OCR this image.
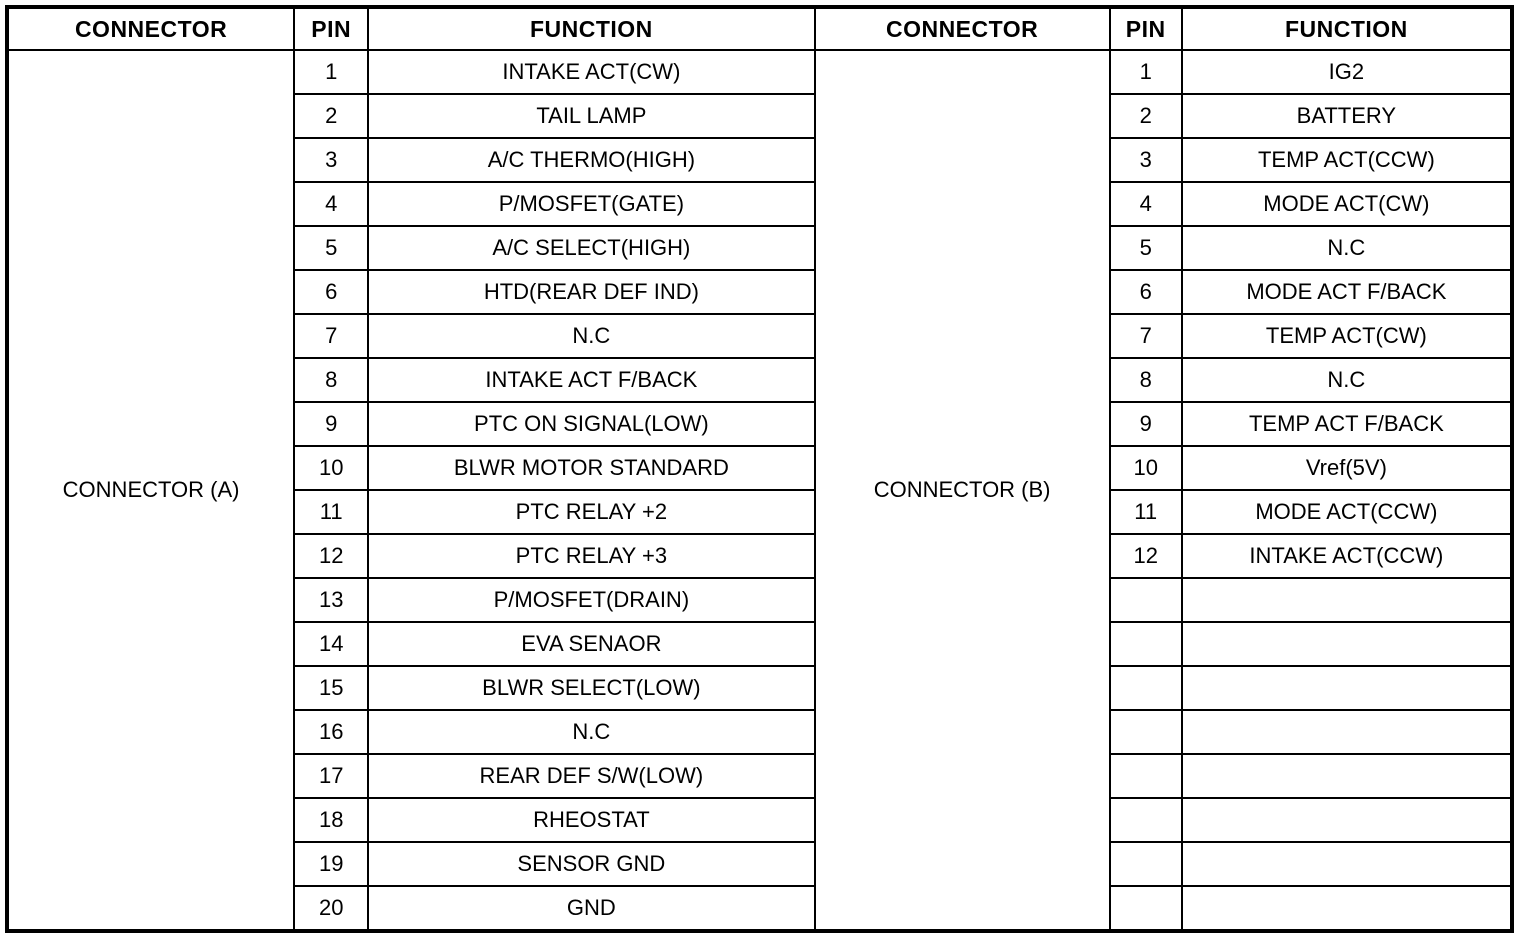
CONNECTOR	PIN	FUNCTION	CONNECTOR	PIN	FUNCTION
CONNECTOR (A)	1	INTAKE ACT(CW)	CONNECTOR (B)	1	IG2
	2	TAIL LAMP		2	BATTERY
	3	A/C THERMO(HIGH)		3	TEMP ACT(CCW)
	4	P/MOSFET(GATE)		4	MODE ACT(CW)
	5	A/C SELECT(HIGH)		5	N.C
	6	HTD(REAR DEF IND)		6	MODE ACT F/BACK
	7	N.C		7	TEMP ACT(CW)
	8	INTAKE ACT F/BACK		8	N.C
	9	PTC ON SIGNAL(LOW)		9	TEMP ACT F/BACK
	10	BLWR MOTOR STANDARD		10	Vref(5V)
	11	PTC RELAY +2		11	MODE ACT(CCW)
	12	PTC RELAY +3		12	INTAKE ACT(CCW)
	13	P/MOSFET(DRAIN)			
	14	EVA SENAOR			
	15	BLWR SELECT(LOW)			
	16	N.C			
	17	REAR DEF S/W(LOW)			
	18	RHEOSTAT			
	19	SENSOR GND			
	20	GND			
